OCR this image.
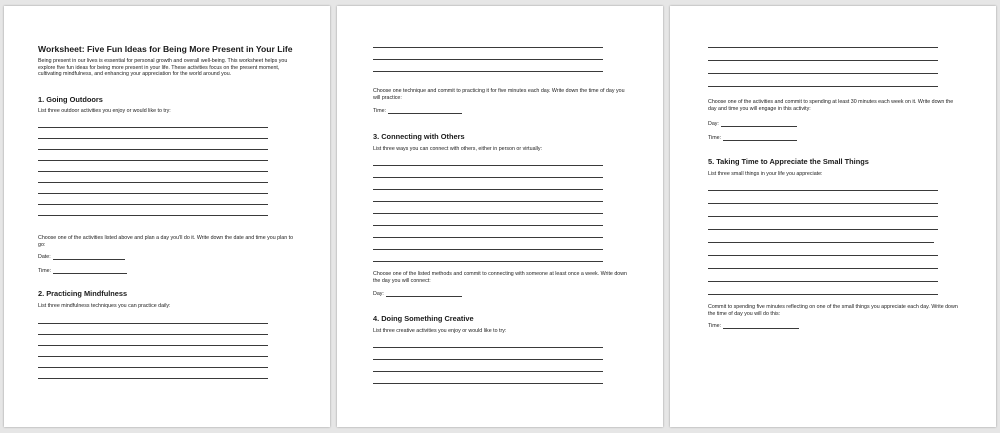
Worksheet: Five Fun Ideas for Being More Present in Your Life
Being present in our lives is essential for personal growth and overall well-being. This worksheet helps you explore five fun ideas for being more present in your life. These activities focus on the present moment, cultivating mindfulness, and enhancing your appreciation for the world around you.
1. Going Outdoors
List three outdoor activities you enjoy or would like to try:
Choose one of the activities listed above and plan a day you'll do it. Write down the date and time you plan to go:
Date:
Time:
2. Practicing Mindfulness
List three mindfulness techniques you can practice daily:
Choose one technique and commit to practicing it for five minutes each day. Write down the time of day you will practice:
Time:
3. Connecting with Others
List three ways you can connect with others, either in person or virtually:
Choose one of the listed methods and commit to connecting with someone at least once a week. Write down the day you will connect:
Day:
4. Doing Something Creative
List three creative activities you enjoy or would like to try:
Choose one of the activities and commit to spending at least 30 minutes each week on it. Write down the day and time you will engage in this activity:
Day:
Time:
5. Taking Time to Appreciate the Small Things
List three small things in your life you appreciate:
Commit to spending five minutes reflecting on one of the small things you appreciate each day. Write down the time of day you will do this:
Time:
